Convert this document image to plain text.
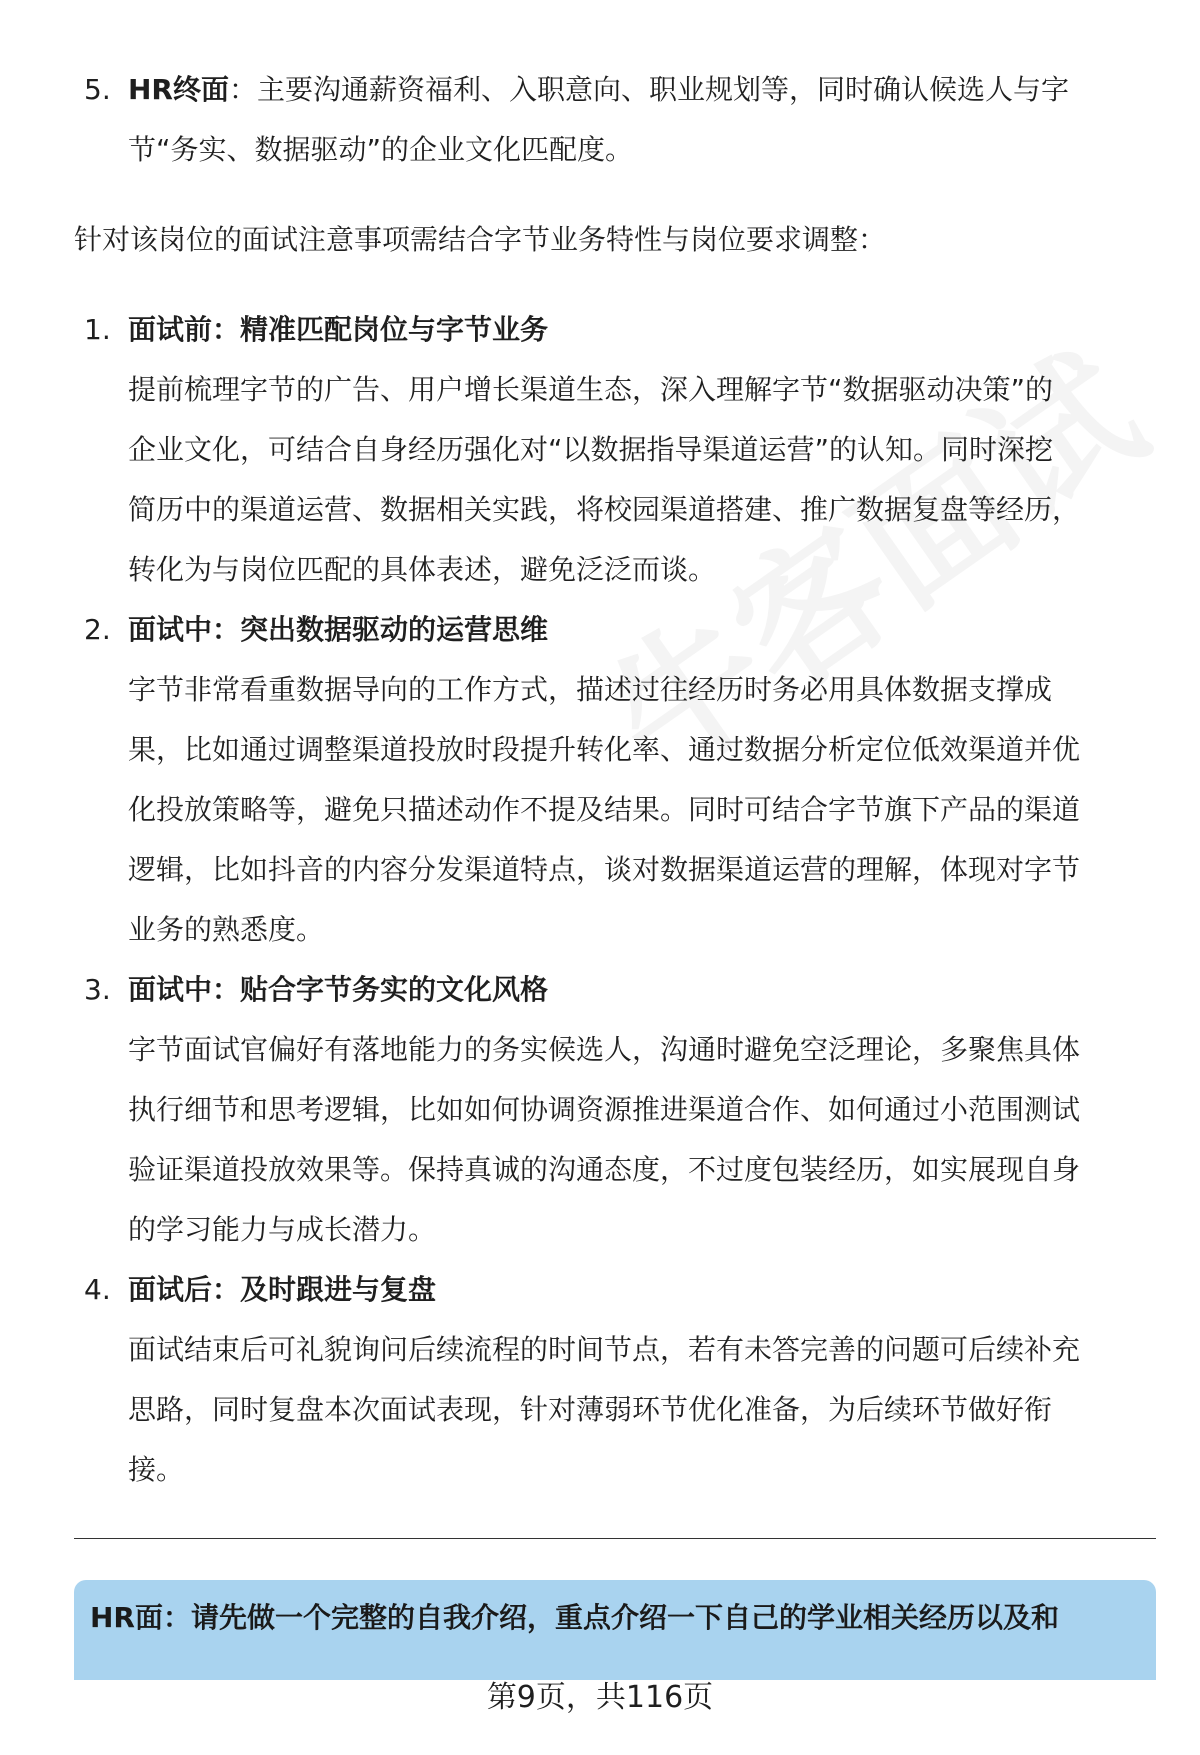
5. HR终面：主要沟通薪资福利、入职意向、职业规划等，同时确认候选人与字
节“务实、数据驱动”的企业文化匹配度。
针对该岗位的面试注意事项需结合字节业务特性与岗位要求调整：
1. 面试前：精准匹配岗位与字节业务
提前梳理字节的广告、用户增长渠道生态，深入理解字节“数据驱动决策”的
企业文化，可结合自身经历强化对“以数据指导渠道运营”的认知。同时深挖
简历中的渠道运营、数据相关实践，将校园渠道搭建、推广数据复盘等经历，
转化为与岗位匹配的具体表述，避免泛泛而谈。
2. 面试中：突出数据驱动的运营思维
字节非常看重数据导向的工作方式，描述过往经历时务必用具体数据支撑成
果，比如通过调整渠道投放时段提升转化率、通过数据分析定位低效渠道并优
化投放策略等，避免只描述动作不提及结果。同时可结合字节旗下产品的渠道
逻辑，比如抖音的内容分发渠道特点，谈对数据渠道运营的理解，体现对字节
业务的熟悉度。
3. 面试中：贴合字节务实的文化风格
字节面试官偏好有落地能力的务实候选人，沟通时避免空泛理论，多聚焦具体
执行细节和思考逻辑，比如如何协调资源推进渠道合作、如何通过小范围测试
验证渠道投放效果等。保持真诚的沟通态度，不过度包装经历，如实展现自身
的学习能力与成长潜力。
4. 面试后：及时跟进与复盘
面试结束后可礼貌询问后续流程的时间节点，若有未答完善的问题可后续补充
思路，同时复盘本次面试表现，针对薄弱环节优化准备，为后续环节做好衔
接。
HR面：请先做一个完整的自我介绍，重点介绍一下自己的学业相关经历以及和
第9页，共116页
